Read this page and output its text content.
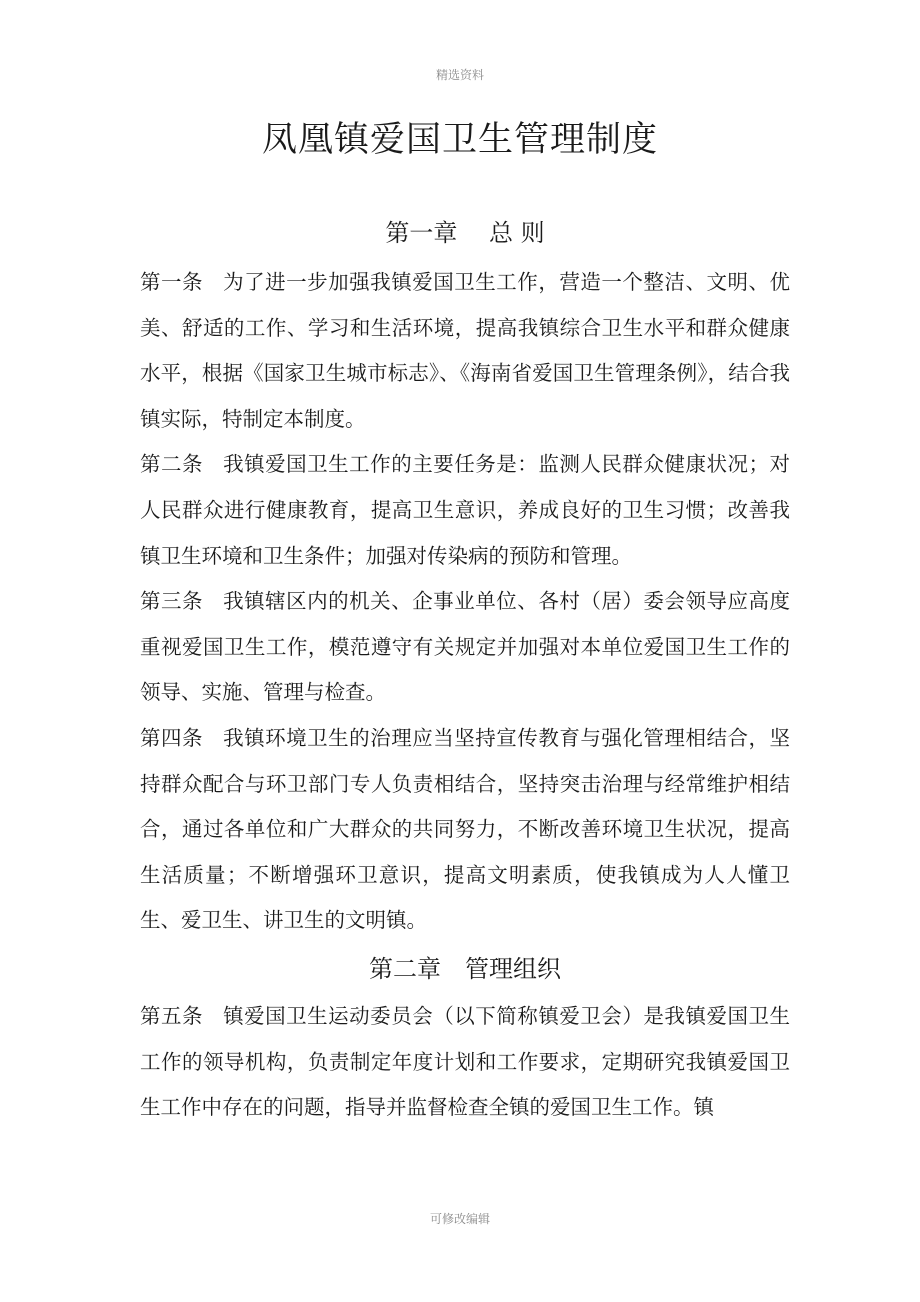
精选资料
凤凰镇爱国卫生管理制度
第一章　 总 则

第一条 为了进一步加强我镇爱国卫生工作，营造一个整洁、文明、优美、舒适的工作、学习和生活环境，提高我镇综合卫生水平和群众健康水平，根据《国家卫生城市标志》、《海南省爱国卫生管理条例》，结合我镇实际，特制定本制度。

第二条 我镇爱国卫生工作的主要任务是：监测人民群众健康状况；对人民群众进行健康教育，提高卫生意识，养成良好的卫生习惯；改善我镇卫生环境和卫生条件；加强对传染病的预防和管理。

第三条 我镇辖区内的机关、企事业单位、各村（居）委会领导应高度重视爱国卫生工作，模范遵守有关规定并加强对本单位爱国卫生工作的领导、实施、管理与检查。

第四条 我镇环境卫生的治理应当坚持宣传教育与强化管理相结合，坚持群众配合与环卫部门专人负责相结合，坚持突击治理与经常维护相结合，通过各单位和广大群众的共同努力，不断改善环境卫生状况，提高生活质量；不断增强环卫意识，提高文明素质，使我镇成为人人懂卫生、爱卫生、讲卫生的文明镇。

第二章　管理组织

第五条 镇爱国卫生运动委员会（以下简称镇爱卫会）是我镇爱国卫生工作的领导机构，负责制定年度计划和工作要求，定期研究我镇爱国卫生工作中存在的问题，指导并监督检查全镇的爱国卫生工作。镇

可修改编辑
